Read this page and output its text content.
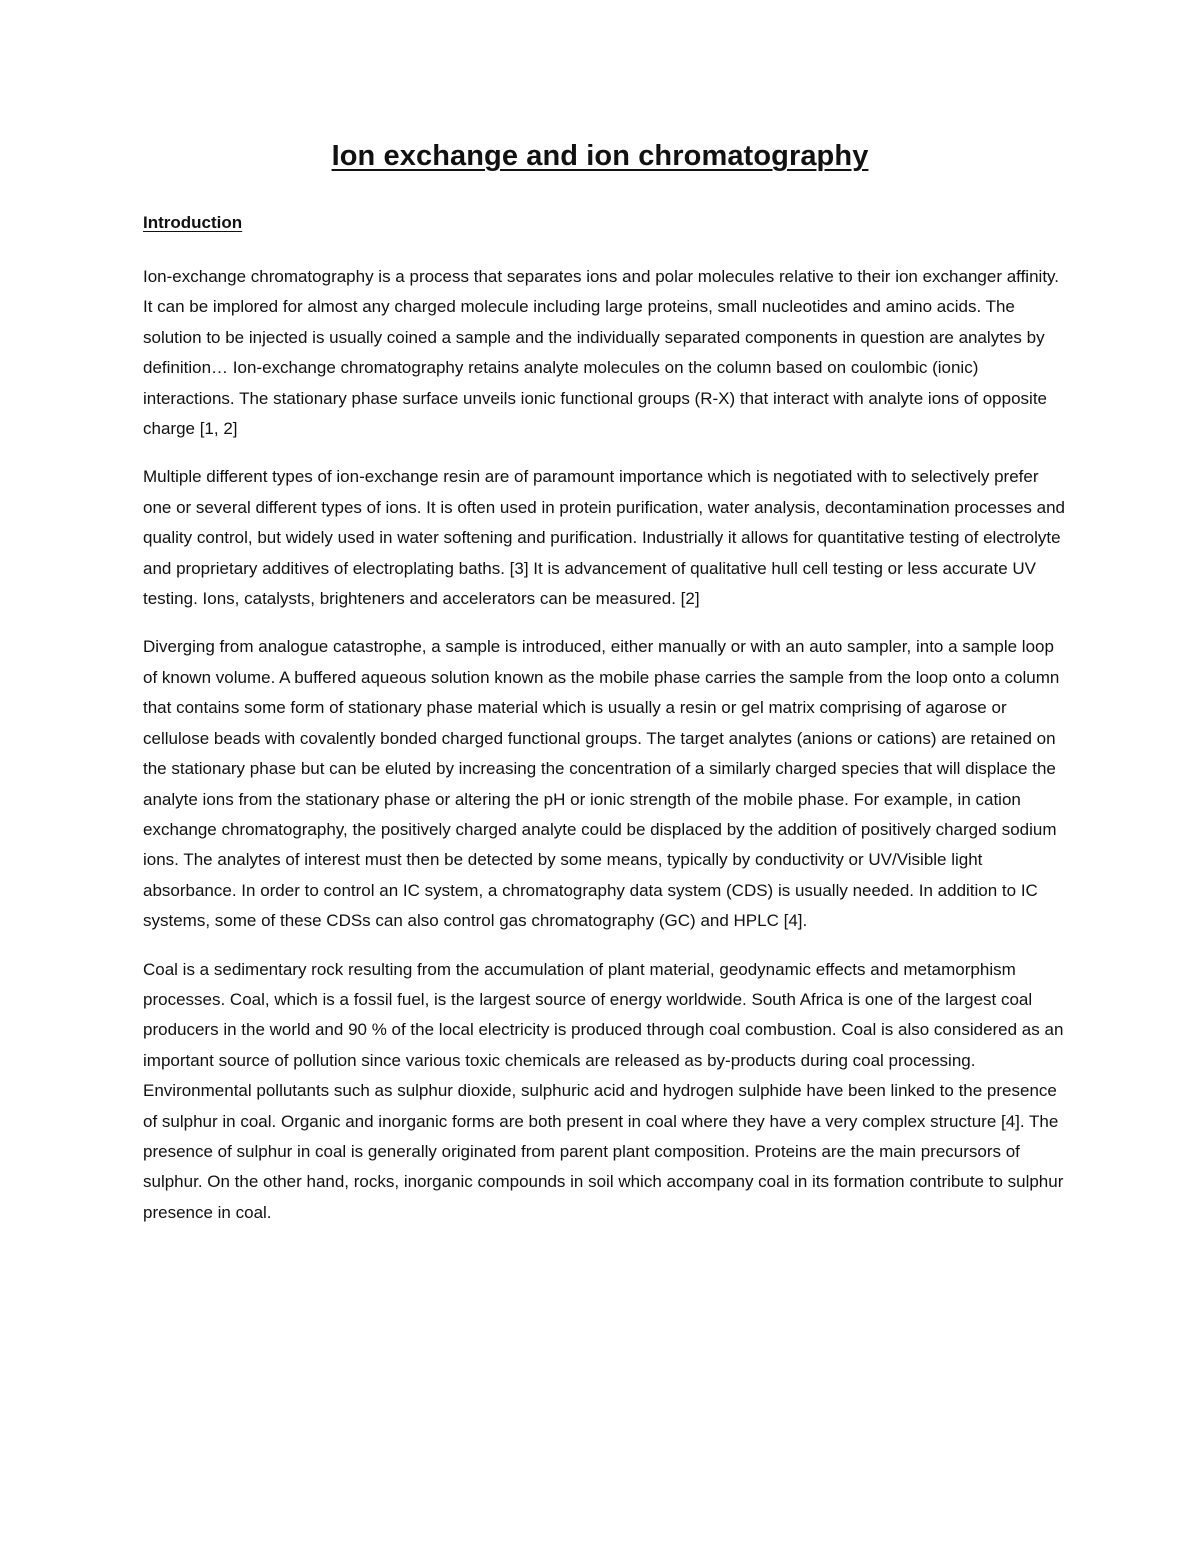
Ion exchange and ion chromatography
Introduction

Ion-exchange chromatography is a process that separates ions and polar molecules relative to their ion exchanger affinity. It can be implored for almost any charged molecule including large proteins, small nucleotides and amino acids. The solution to be injected is usually coined a sample and the individually separated components in question are analytes by definition… Ion-exchange chromatography retains analyte molecules on the column based on coulombic (ionic) interactions. The stationary phase surface unveils ionic functional groups (R-X) that interact with analyte ions of opposite charge [1, 2]

Multiple different types of ion-exchange resin are of paramount importance which is negotiated with to selectively prefer one or several different types of ions. It is often used in protein purification, water analysis, decontamination processes and quality control, but widely used in water softening and purification. Industrially it allows for quantitative testing of electrolyte and proprietary additives of electroplating baths. [3] It is advancement of qualitative hull cell testing or less accurate UV testing. Ions, catalysts, brighteners and accelerators can be measured. [2]

Diverging from analogue catastrophe, a sample is introduced, either manually or with an auto sampler, into a sample loop of known volume. A buffered aqueous solution known as the mobile phase carries the sample from the loop onto a column that contains some form of stationary phase material which is usually a resin or gel matrix comprising of agarose or cellulose beads with covalently bonded charged functional groups. The target analytes (anions or cations) are retained on the stationary phase but can be eluted by increasing the concentration of a similarly charged species that will displace the analyte ions from the stationary phase or altering the pH or ionic strength of the mobile phase. For example, in cation exchange chromatography, the positively charged analyte could be displaced by the addition of positively charged sodium ions. The analytes of interest must then be detected by some means, typically by conductivity or UV/Visible light absorbance. In order to control an IC system, a chromatography data system (CDS) is usually needed. In addition to IC systems, some of these CDSs can also control gas chromatography (GC) and HPLC [4].

Coal is a sedimentary rock resulting from the accumulation of plant material, geodynamic effects and metamorphism processes. Coal, which is a fossil fuel, is the largest source of energy worldwide. South Africa is one of the largest coal producers in the world and 90 % of the local electricity is produced through coal combustion. Coal is also considered as an important source of pollution since various toxic chemicals are released as by-products during coal processing. Environmental pollutants such as sulphur dioxide, sulphuric acid and hydrogen sulphide have been linked to the presence of sulphur in coal. Organic and inorganic forms are both present in coal where they have a very complex structure [4]. The presence of sulphur in coal is generally originated from parent plant composition. Proteins are the main precursors of sulphur. On the other hand, rocks, inorganic compounds in soil which accompany coal in its formation contribute to sulphur presence in coal.
